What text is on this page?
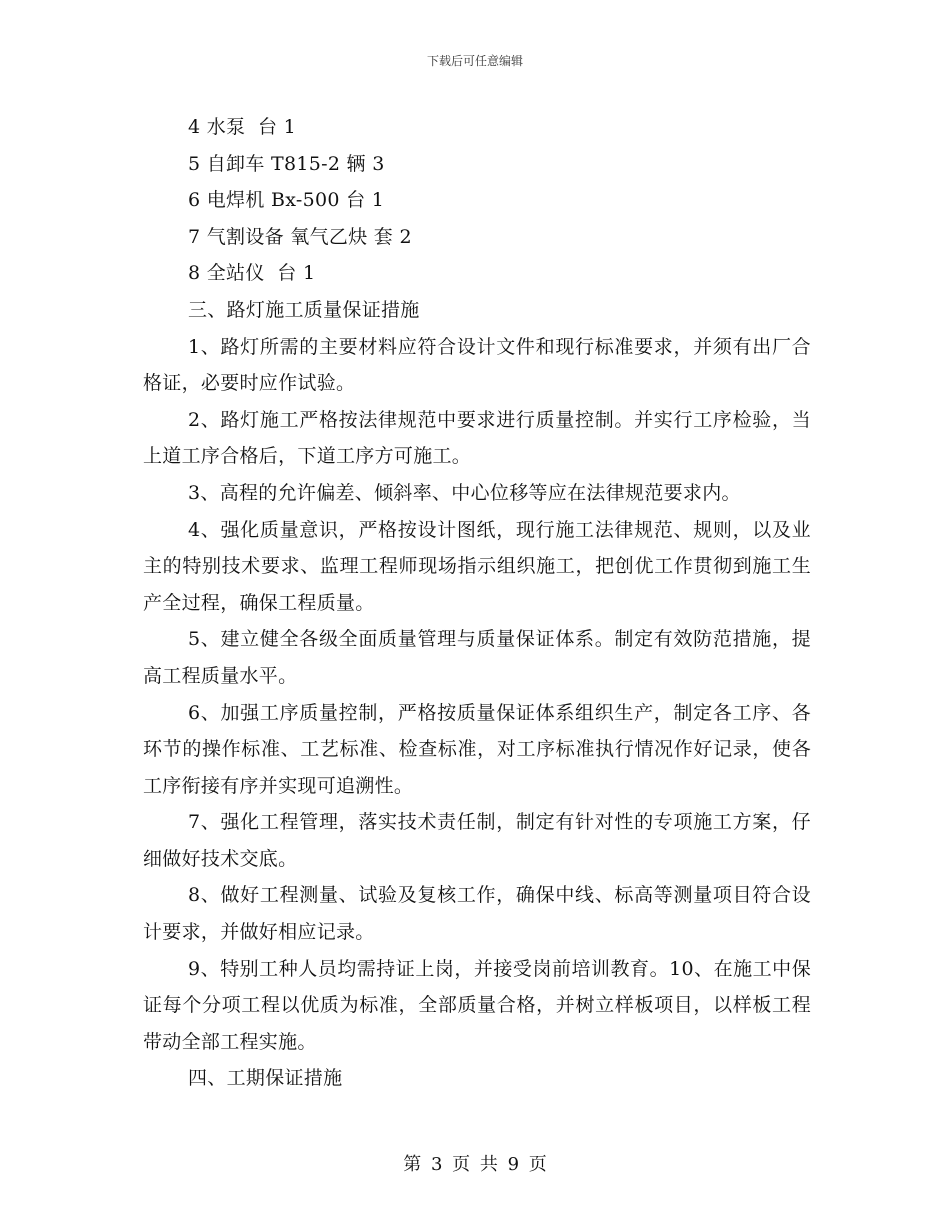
下载后可任意编辑

4 水泵  台 1

5 自卸车 T815-2 辆 3

6 电焊机 Bx-500 台 1

7 气割设备 氧气乙炔 套 2

8 全站仪  台 1

三、路灯施工质量保证措施

1、路灯所需的主要材料应符合设计文件和现行标准要求，并须有出厂合格证，必要时应作试验。

2、路灯施工严格按法律规范中要求进行质量控制。并实行工序检验，当上道工序合格后，下道工序方可施工。

3、高程的允许偏差、倾斜率、中心位移等应在法律规范要求内。

4、强化质量意识，严格按设计图纸，现行施工法律规范、规则，以及业主的特别技术要求、监理工程师现场指示组织施工，把创优工作贯彻到施工生产全过程，确保工程质量。

5、建立健全各级全面质量管理与质量保证体系。制定有效防范措施，提高工程质量水平。

6、加强工序质量控制，严格按质量保证体系组织生产，制定各工序、各环节的操作标准、工艺标准、检查标准，对工序标准执行情况作好记录，使各工序衔接有序并实现可追溯性。

7、强化工程管理，落实技术责任制，制定有针对性的专项施工方案，仔细做好技术交底。

8、做好工程测量、试验及复核工作，确保中线、标高等测量项目符合设计要求，并做好相应记录。

9、特别工种人员均需持证上岗，并接受岗前培训教育。10、在施工中保证每个分项工程以优质为标准，全部质量合格，并树立样板项目，以样板工程带动全部工程实施。

四、工期保证措施

第 3 页 共 9 页
